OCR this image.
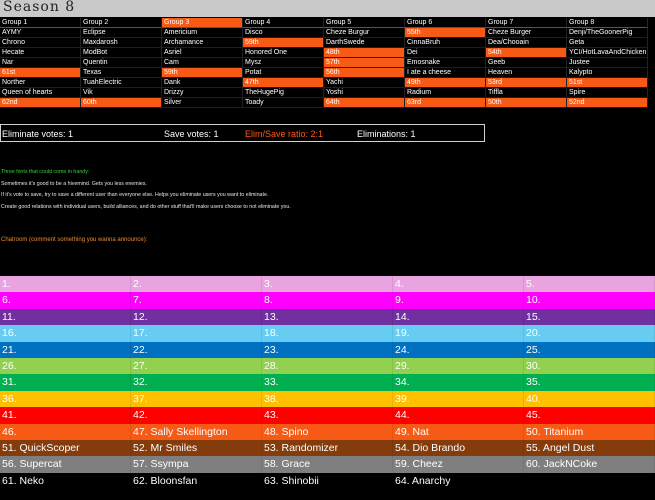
Season 8
Group 1	Group 2	Group 3	Group 4	Group 5	Group 6	Group 7	Group 8
AYMY	Eclipse	Americium	Disco	Cheze Burgur	55th	Cheze Burger	Denji/TheGoonerPig
Chrono	Maxdarosh	Archamance	59th	DarthSwede	CinnaBruh	Dea/Chooain	Geta
Hecate	ModBot	Asriel	Honored One	48th	Dei	54th	YCI/HotLavaAndChicken
Nar	Quentin	Cam	Mysz	57th	Emosnake	Geeb	Justee
61st	Texas	59th	Potat	56th	I ate a cheese	Heaven	Kalypto
Norther	TuahElectric	Dank	47th	Yachi	49th	53rd	51st
Queen of hearts	Vik	Drizzy	TheHugePig	Yoshi	Radium	Tiffla	Spire
62nd	60th	Silver	Toady	64th	63rd	50th	52nd
Eliminate votes: 1	Save votes: 1	Elim/Save ratio: 2:1	Eliminations: 1
Three hints that could come in handy:
Sometimes it's good to be a hivemind. Gets you less enemies.
If it's vote to save, try to save a different user than everyone else. Helps you eliminate users you want to eliminate.
Create good relations with individual users, build alliances, and do other stuff that'll make users choose to not eliminate you.
Chatroom (comment something you wanna announce):
1.	2.	3.	4.	5.
6.	7.	8.	9.	10.
11.	12.	13.	14.	15.
16.	17.	18.	19.	20.
21.	22.	23.	24.	25.
26.	27.	28.	29.	30.
31.	32.	33.	34.	35.
36.	37.	38.	39.	40.
41.	42.	43.	44.	45.
46.	47. Sally Skellington	48. Spino	49. Nat	50. Titanium
51. QuickScoper	52. Mr Smiles	53. Randomizer	54. Dio Brando	55. Angel Dust
56. Supercat	57. Ssympa	58. Grace	59. Cheez	60. JackNCoke
61. Neko	62. Bloonsfan	63. Shinobii	64. Anarchy
